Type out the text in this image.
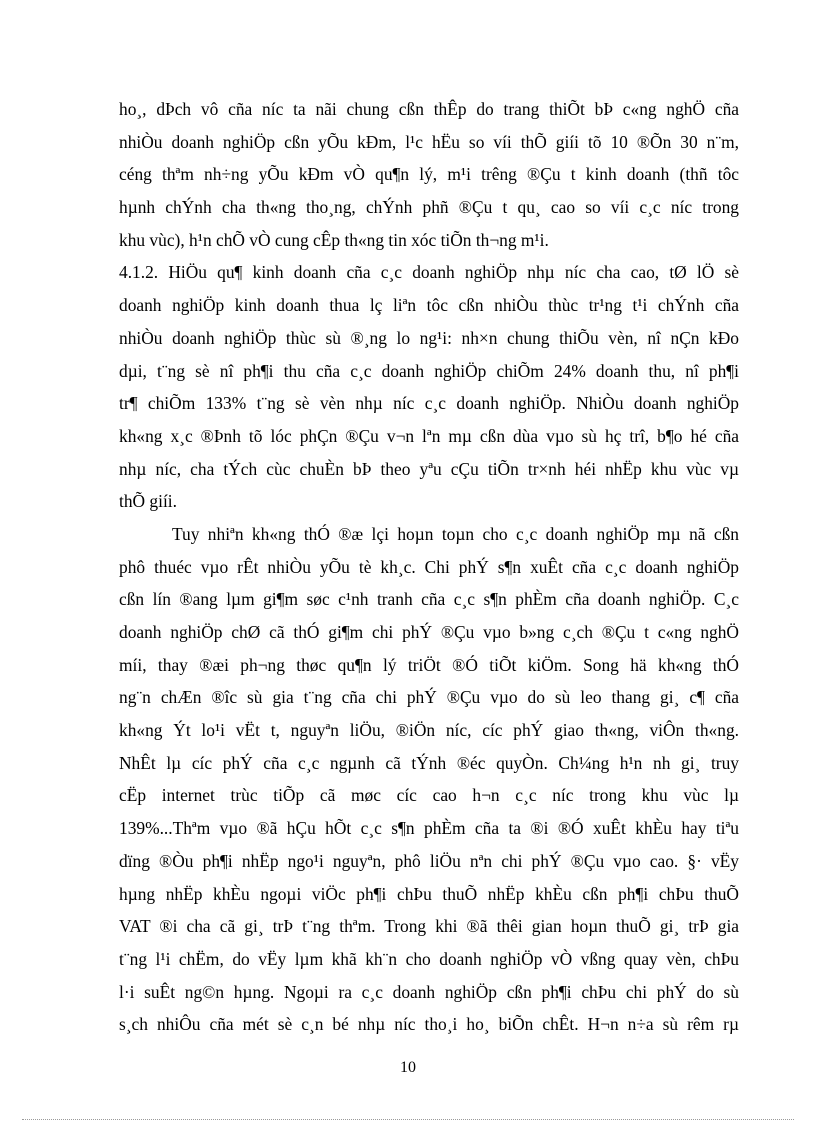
ho¸, dÞch vô cña níc ta nãi chung cßn thÊp do trang thiÕt bÞ c«ng nghÖ cña
nhiÒu doanh nghiÖp cßn yÕu kÐm, l¹c hËu so víi thÕ giíi tõ 10 ®Õn 30 n¨m,
céng thªm nh÷ng yÕu kÐm vÒ qu¶n lý, m¹i trêng ®Çu t kinh doanh (thñ tôc
hµnh chÝnh cha th«ng tho¸ng, chÝnh phñ ®Çu t qu¸ cao so víi c¸c níc trong
khu vùc), h¹n chÕ vÒ cung cÊp th«ng tin xóc tiÕn th¬ng m¹i.
4.1.2. HiÖu qu¶ kinh doanh cña c¸c doanh nghiÖp nhµ níc cha cao, tØ lÖ sè
doanh nghiÖp kinh doanh thua lç liªn tôc cßn nhiÒu thùc tr¹ng t¹i chÝnh cña
nhiÒu doanh nghiÖp thùc sù ®¸ng lo ng¹i: nh×n chung thiÕu vèn, nî nÇn kÐo
dµi, t¨ng sè nî ph¶i thu cña c¸c doanh nghiÖp chiÕm 24% doanh thu, nî ph¶i
tr¶ chiÕm 133% t¨ng sè vèn nhµ níc c¸c doanh nghiÖp. NhiÒu doanh nghiÖp
kh«ng x¸c ®Þnh tõ lóc phÇn ®Çu v¬n lªn mµ cßn dùa vµo sù hç trî, b¶o hé cña
nhµ níc, cha tÝch cùc chuÈn bÞ theo yªu cÇu tiÕn tr×nh héi nhËp khu vùc vµ
thÕ giíi.
Tuy nhiªn kh«ng thÓ ®æ lçi hoµn toµn cho c¸c doanh nghiÖp mµ nã cßn
phô thuéc vµo rÊt nhiÒu yÕu tè kh¸c. Chi phÝ s¶n xuÊt cña c¸c doanh nghiÖp
cßn lín ®ang lµm gi¶m søc c¹nh tranh cña c¸c s¶n phÈm cña doanh nghiÖp. C¸c
doanh nghiÖp chØ cã thÓ gi¶m chi phÝ ®Çu vµo b»ng c¸ch ®Çu t c«ng nghÖ
míi, thay ®æi ph¬ng thøc qu¶n lý triÖt ®Ó tiÕt kiÖm. Song hä kh«ng thÓ
ng¨n chÆn ®îc sù gia t¨ng cña chi phÝ ®Çu vµo do sù leo thang gi¸ c¶ cña
kh«ng Ýt lo¹i vËt t, nguyªn liÖu, ®iÖn níc, cíc phÝ giao th«ng, viÔn th«ng.
NhÊt lµ cíc phÝ cña c¸c ngµnh cã tÝnh ®éc quyÒn. Ch¼ng h¹n nh gi¸ truy
cËp internet trùc tiÕp cã møc cíc cao h¬n c¸c níc trong khu vùc lµ
139%...Thªm vµo ®ã hÇu hÕt c¸c s¶n phÈm cña ta ®i ®Ó xuÊt khÈu hay tiªu
dïng ®Òu ph¶i nhËp ngo¹i nguyªn, phô liÖu nªn chi phÝ ®Çu vµo cao. §· vËy
hµng nhËp khÈu ngoµi viÖc ph¶i chÞu thuÕ nhËp khÈu cßn ph¶i chÞu thuÕ
VAT ®i cha cã gi¸ trÞ t¨ng thªm. Trong khi ®ã thêi gian hoµn thuÕ gi¸ trÞ gia
t¨ng l¹i chËm, do vËy lµm khã kh¨n cho doanh nghiÖp vÒ vßng quay vèn, chÞu
l·i suÊt ng©n hµng. Ngoµi ra c¸c doanh nghiÖp cßn ph¶i chÞu chi phÝ do sù
s¸ch nhiÔu cña mét sè c¸n bé nhµ níc tho¸i ho¸ biÕn chÊt. H¬n n÷a sù rêm rµ
10
